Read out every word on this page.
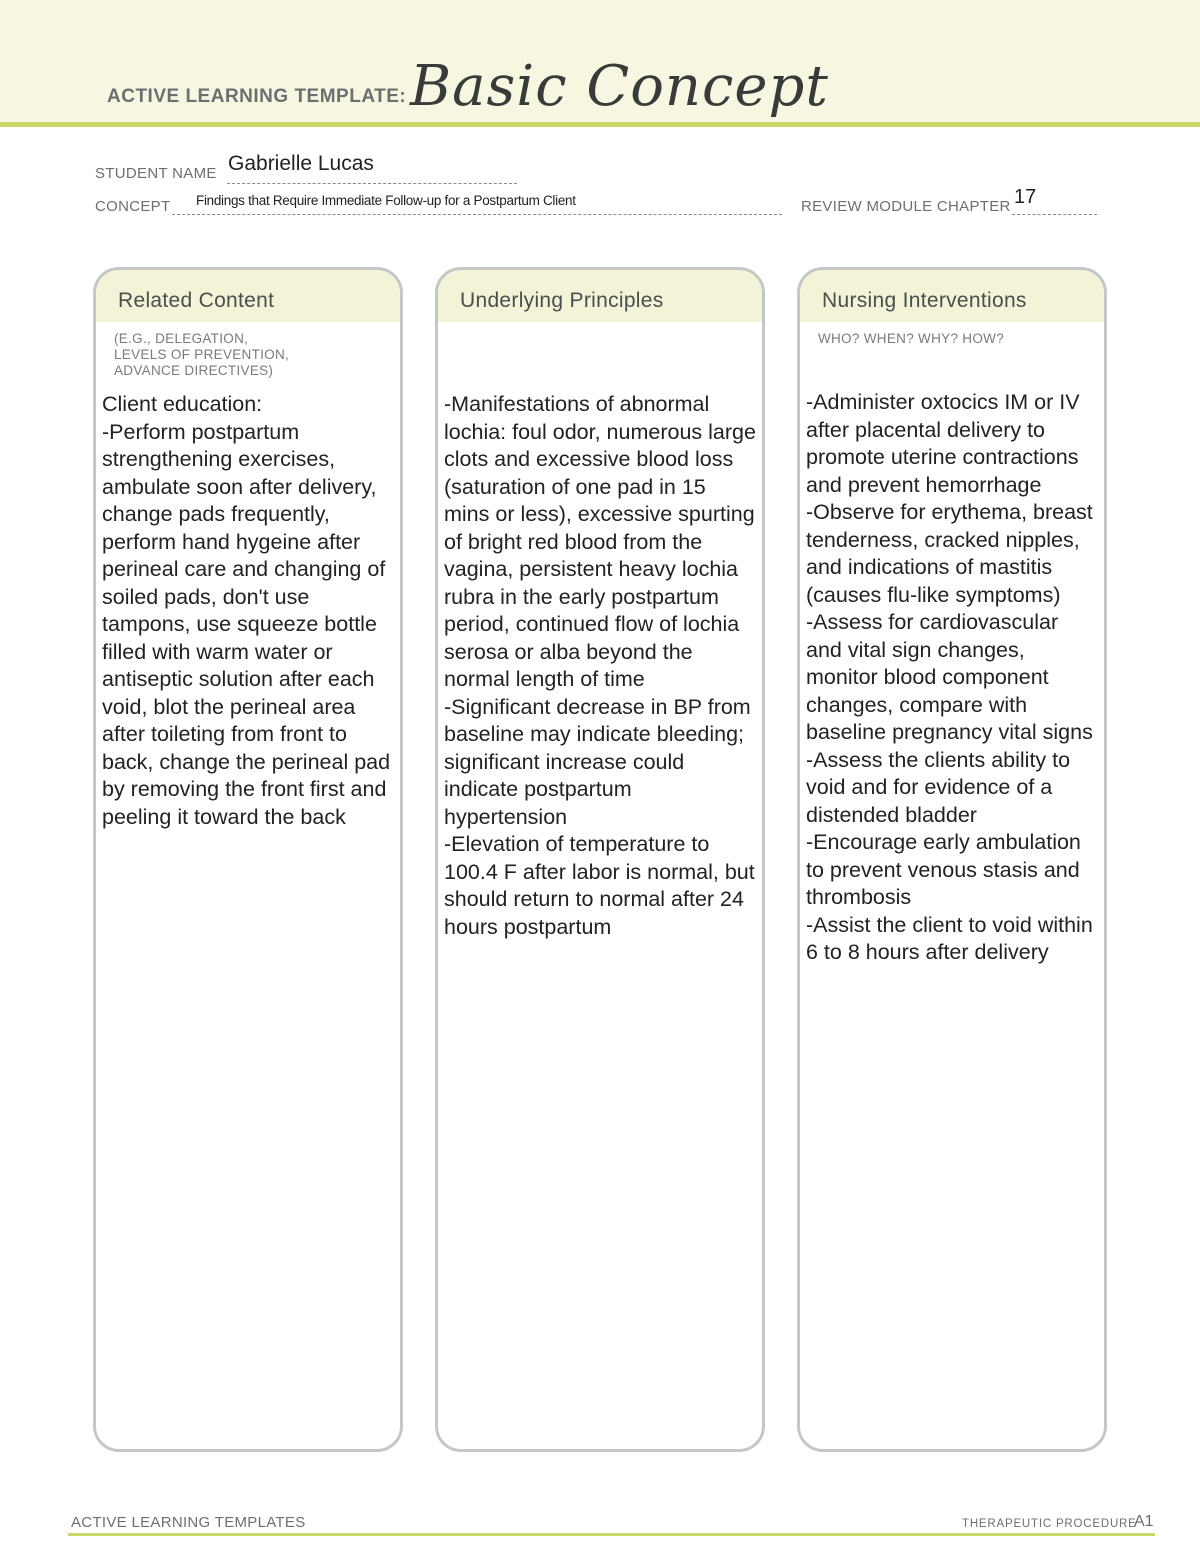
ACTIVE LEARNING TEMPLATE: Basic Concept
STUDENT NAME Gabrielle Lucas
CONCEPT Findings that Require Immediate Follow-up for a Postpartum Client	REVIEW MODULE CHAPTER 17
Related Content
(E.G., DELEGATION,
LEVELS OF PREVENTION,
ADVANCE DIRECTIVES)
Client education:
-Perform postpartum strengthening exercises, ambulate soon after delivery, change pads frequently, perform hand hygeine after perineal care and changing of soiled pads, don't use tampons, use squeeze bottle filled with warm water or antiseptic solution after each void, blot the perineal area after toileting from front to back, change the perineal pad by removing the front first and peeling it toward the back
Underlying Principles
-Manifestations of abnormal lochia: foul odor, numerous large clots and excessive blood loss (saturation of one pad in 15 mins or less), excessive spurting of bright red blood from the vagina, persistent heavy lochia rubra in the early postpartum period, continued flow of lochia serosa or alba beyond the normal length of time
-Significant decrease in BP from baseline may indicate bleeding; significant increase could indicate postpartum hypertension
-Elevation of temperature to 100.4 F after labor is normal, but should return to normal after 24 hours postpartum
Nursing Interventions
WHO? WHEN? WHY? HOW?
-Administer oxtocics IM or IV after placental delivery to promote uterine contractions and prevent hemorrhage
-Observe for erythema, breast tenderness, cracked nipples, and indications of mastitis (causes flu-like symptoms)
-Assess for cardiovascular and vital sign changes, monitor blood component changes, compare with baseline pregnancy vital signs
-Assess the clients ability to void and for evidence of a distended bladder
-Encourage early ambulation to prevent venous stasis and thrombosis
-Assist the client to void within 6 to 8 hours after delivery
ACTIVE LEARNING TEMPLATES	THERAPEUTIC PROCEDURE
A1
